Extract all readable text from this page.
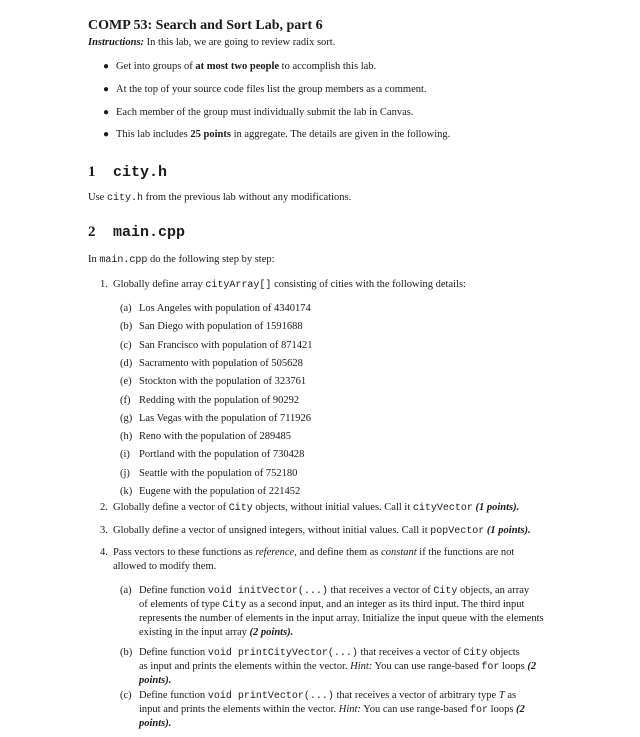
COMP 53: Search and Sort Lab, part 6
Instructions: In this lab, we are going to review radix sort.
● Get into groups of at most two people to accomplish this lab.
● At the top of your source code files list the group members as a comment.
● Each member of the group must individually submit the lab in Canvas.
● This lab includes 25 points in aggregate. The details are given in the following.
1 city.h
Use city.h from the previous lab without any modifications.
2 main.cpp
In main.cpp do the following step by step:
1. Globally define array cityArray[] consisting of cities with the following details:
(a) Los Angeles with population of 4340174
(b) San Diego with population of 1591688
(c) San Francisco with population of 871421
(d) Sacramento with population of 505628
(e) Stockton with the population of 323761
(f) Redding with the population of 90292
(g) Las Vegas with the population of 711926
(h) Reno with the population of 289485
(i) Portland with the population of 730428
(j) Seattle with the population of 752180
(k) Eugene with the population of 221452
2. Globally define a vector of City objects, without initial values. Call it cityVector (1 points).
3. Globally define a vector of unsigned integers, without initial values. Call it popVector (1 points).
4. Pass vectors to these functions as reference, and define them as constant if the functions are not
allowed to modify them.
(a) Define function void initVector(...) that receives a vector of City objects, an array
of elements of type City as a second input, and an integer as its third input. The third input
represents the number of elements in the input array. Initialize the input queue with the elements
existing in the input array (2 points).
(b) Define function void printCityVector(...) that receives a vector of City objects
as input and prints the elements within the vector. Hint: You can use range-based for loops (2
points).
(c) Define function void printVector(...) that receives a vector of arbitrary type T as
input and prints the elements within the vector. Hint: You can use range-based for loops (2
points).
